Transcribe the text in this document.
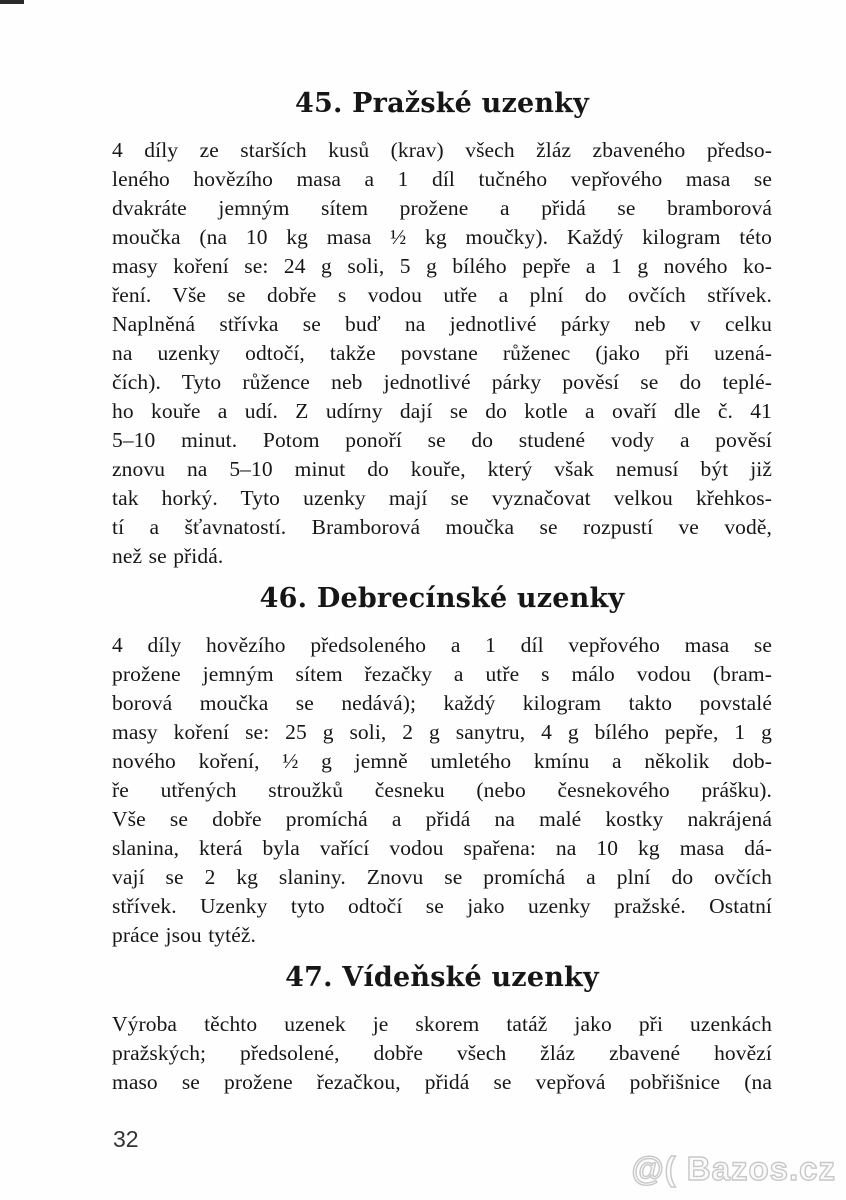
45. Pražské uzenky
4 díly ze starších kusů (krav) všech žláz zbaveného předso-
leného hovězího masa a 1 díl tučného vepřového masa se
dvakráte jemným sítem prožene a přidá se bramborová
moučka (na 10 kg masa ½ kg moučky). Každý kilogram této
masy koření se: 24 g soli, 5 g bílého pepře a 1 g nového ko-
ření. Vše se dobře s vodou utře a plní do ovčích střívek.
Naplněná střívka se buď na jednotlivé párky neb v celku
na uzenky odtočí, takže povstane růženec (jako při uzená-
čích). Tyto růžence neb jednotlivé párky pověsí se do teplé-
ho kouře a udí. Z udírny dají se do kotle a ovaří dle č. 41
5–10 minut. Potom ponoří se do studené vody a pověsí
znovu na 5–10 minut do kouře, který však nemusí být již
tak horký. Tyto uzenky mají se vyznačovat velkou křehkos-
tí a šťavnatostí. Bramborová moučka se rozpustí ve vodě,
než se přidá.
46. Debrecínské uzenky
4 díly hovězího předsoleného a 1 díl vepřového masa se
prožene jemným sítem řezačky a utře s málo vodou (bram-
borová moučka se nedává); každý kilogram takto povstalé
masy koření se: 25 g soli, 2 g sanytru, 4 g bílého pepře, 1 g
nového koření, ½ g jemně umletého kmínu a několik dob-
ře utřených stroužků česneku (nebo česnekového prášku).
Vše se dobře promíchá a přidá na malé kostky nakrájená
slanina, která byla vařící vodou spařena: na 10 kg masa dá-
vají se 2 kg slaniny. Znovu se promíchá a plní do ovčích
střívek. Uzenky tyto odtočí se jako uzenky pražské. Ostatní
práce jsou tytéž.
47. Vídeňské uzenky
Výroba těchto uzenek je skorem tatáž jako při uzenkách
pražských; předsolené, dobře všech žláz zbavené hovězí
maso se prožene řezačkou, přidá se vepřová pobřišnice (na
32
@( Bazos.cz
